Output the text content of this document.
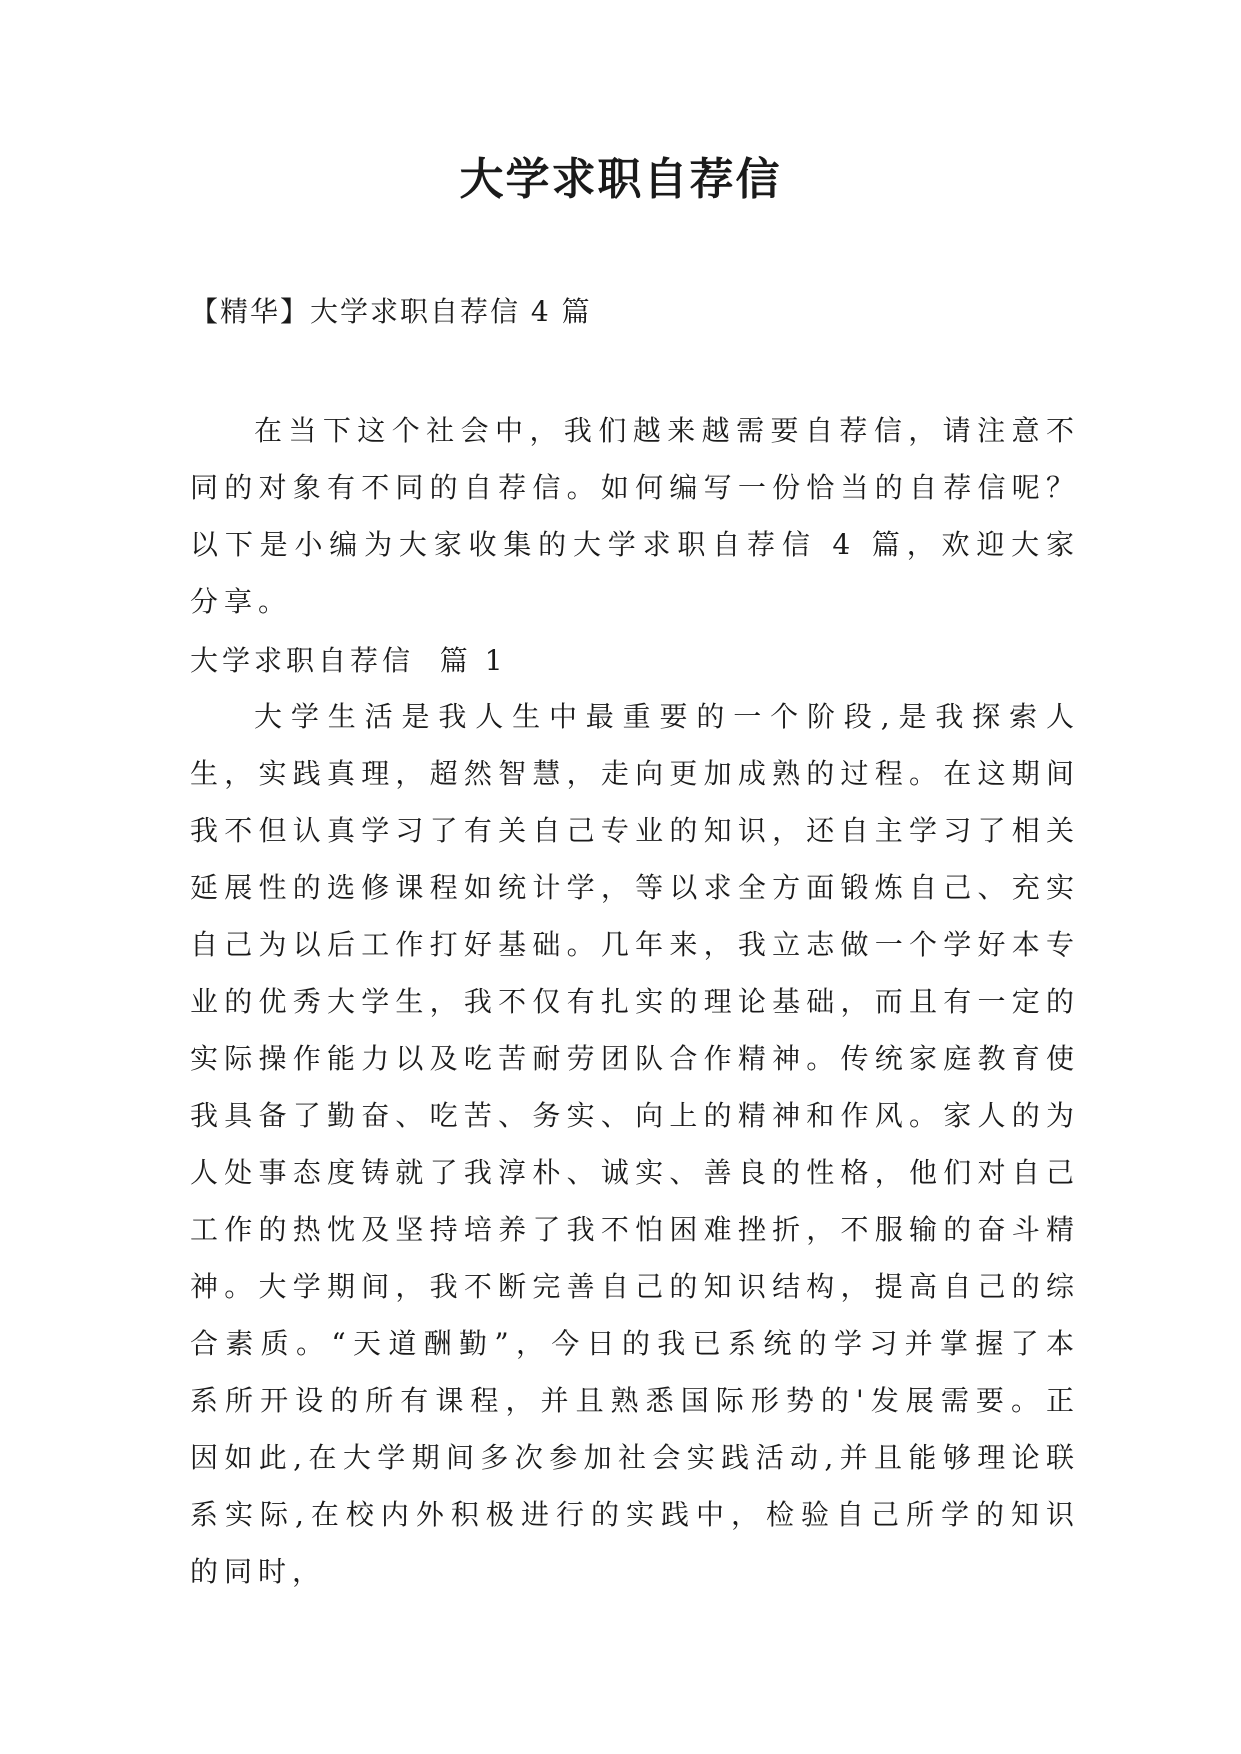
大学求职自荐信
【精华】大学求职自荐信 4 篇
在当下这个社会中，我们越来越需要自荐信，请注意不同的对象有不同的自荐信。如何编写一份恰当的自荐信呢？以下是小编为大家收集的大学求职自荐信 4 篇，欢迎大家分享。
大学求职自荐信  篇 1
大学生活是我人生中最重要的一个阶段,是我探索人生，实践真理，超然智慧，走向更加成熟的过程。在这期间我不但认真学习了有关自己专业的知识，还自主学习了相关延展性的选修课程如统计学，等以求全方面锻炼自己、充实自己为以后工作打好基础。几年来，我立志做一个学好本专业的优秀大学生，我不仅有扎实的理论基础，而且有一定的实际操作能力以及吃苦耐劳团队合作精神。传统家庭教育使我具备了勤奋、吃苦、务实、向上的精神和作风。家人的为人处事态度铸就了我淳朴、诚实、善良的性格，他们对自己工作的热忱及坚持培养了我不怕困难挫折，不服输的奋斗精神。大学期间，我不断完善自己的知识结构，提高自己的综合素质。“天道酬勤”，今日的我已系统的学习并掌握了本系所开设的所有课程，并且熟悉国际形势的'发展需要。正因如此,在大学期间多次参加社会实践活动,并且能够理论联系实际,在校内外积极进行的实践中，检验自己所学的知识的同时，
